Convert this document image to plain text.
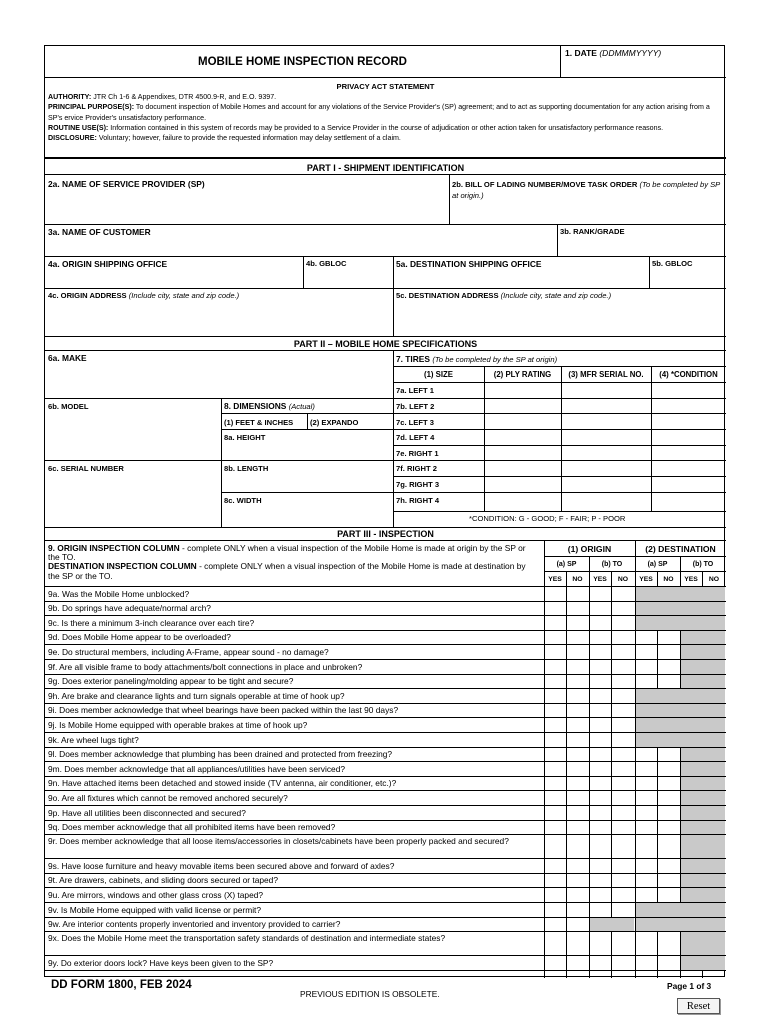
MOBILE HOME INSPECTION RECORD
1. DATE (DDMMMYYYY)
PRIVACY ACT STATEMENT
AUTHORITY: JTR Ch 1-6 & Appendixes, DTR 4500.9-R, and E.O. 9397.
PRINCIPAL PURPOSE(S): To document inspection of Mobile Homes and account for any violations of the Service Provider's (SP) agreement; and to act as supporting documentation for any action arising from a SP's ervice Provider's unsatisfactory performance.
ROUTINE USE(S): Information contained in this system of records may be provided to a Service Provider in the course of adjudication or other action taken for unsatisfactory performance reasons.
DISCLOSURE: Voluntary; however, failure to provide the requested information may delay settlement of a claim.
PART I - SHIPMENT IDENTIFICATION
2a. NAME OF SERVICE PROVIDER (SP)	2b. BILL OF LADING NUMBER/MOVE TASK ORDER (To be completed by SP at origin.)
3a. NAME OF CUSTOMER	3b. RANK/GRADE
4a. ORIGIN SHIPPING OFFICE	4b. GBLOC	5a. DESTINATION SHIPPING OFFICE	5b. GBLOC
4c. ORIGIN ADDRESS (Include city, state and zip code.)	5c. DESTINATION ADDRESS (Include city, state and zip code.)
PART II – MOBILE HOME SPECIFICATIONS
6a. MAKE	7. TIRES (To be completed by the SP at origin)
(1) SIZE	(2) PLY RATING	(3) MFR SERIAL NO.	(4) *CONDITION
7a. LEFT 1
7b. LEFT 2
7c. LEFT 3
7d. LEFT 4
7e. RIGHT 1
7f. RIGHT 2
7g. RIGHT 3
7h. RIGHT 4
*CONDITION: G - GOOD; F - FAIR; P - POOR
6b. MODEL	8. DIMENSIONS (Actual)
(1) FEET & INCHES (2) EXPANDO
8a. HEIGHT
6c. SERIAL NUMBER	8b. LENGTH
8c. WIDTH
PART III - INSPECTION
9. ORIGIN INSPECTION COLUMN - complete ONLY when a visual inspection of the Mobile Home is made at origin by the SP or the TO.
DESTINATION INSPECTION COLUMN - complete ONLY when a visual inspection of the Mobile Home is made at destination by the SP or the TO.
(1) ORIGIN	(2) DESTINATION
(a) SP	(b) TO	(a) SP	(b) TO
YES	NO	YES	NO	YES	NO	YES	NO
9a. Was the Mobile Home unblocked?
9b. Do springs have adequate/normal arch?
9c. Is there a minimum 3-inch clearance over each tire?
9d. Does Mobile Home appear to be overloaded?
9e. Do structural members, including A-Frame, appear sound - no damage?
9f. Are all visible frame to body attachments/bolt connections in place and unbroken?
9g. Does exterior paneling/molding appear to be tight and secure?
9h. Are brake and clearance lights and turn signals operable at time of hook up?
9i. Does member acknowledge that wheel bearings have been packed within the last 90 days?
9j. Is Mobile Home equipped with operable brakes at time of hook up?
9k. Are wheel lugs tight?
9l. Does member acknowledge that plumbing has been drained and protected from freezing?
9m. Does member acknowledge that all appliances/utilities have been serviced?
9n. Have attached items been detached and stowed inside (TV antenna, air conditioner, etc.)?
9o. Are all fixtures which cannot be removed anchored securely?
9p. Have all utilities been disconnected and secured?
9q. Does member acknowledge that all prohibited items have been removed?
9r. Does member acknowledge that all loose items/accessories in closets/cabinets have been properly packed and secured?
9s. Have loose furniture and heavy movable items been secured above and forward of axles?
9t. Are drawers, cabinets, and sliding doors secured or taped?
9u. Are mirrors, windows and other glass cross (X) taped?
9v. Is Mobile Home equipped with valid license or permit?
9w. Are interior contents properly inventoried and inventory provided to carrier?
9x. Does the Mobile Home meet the transportation safety standards of destination and intermediate states?
9y. Do exterior doors lock? Have keys been given to the SP?
DD FORM 1800, FEB 2024
PREVIOUS EDITION IS OBSOLETE.
Page 1 of 3
Reset
